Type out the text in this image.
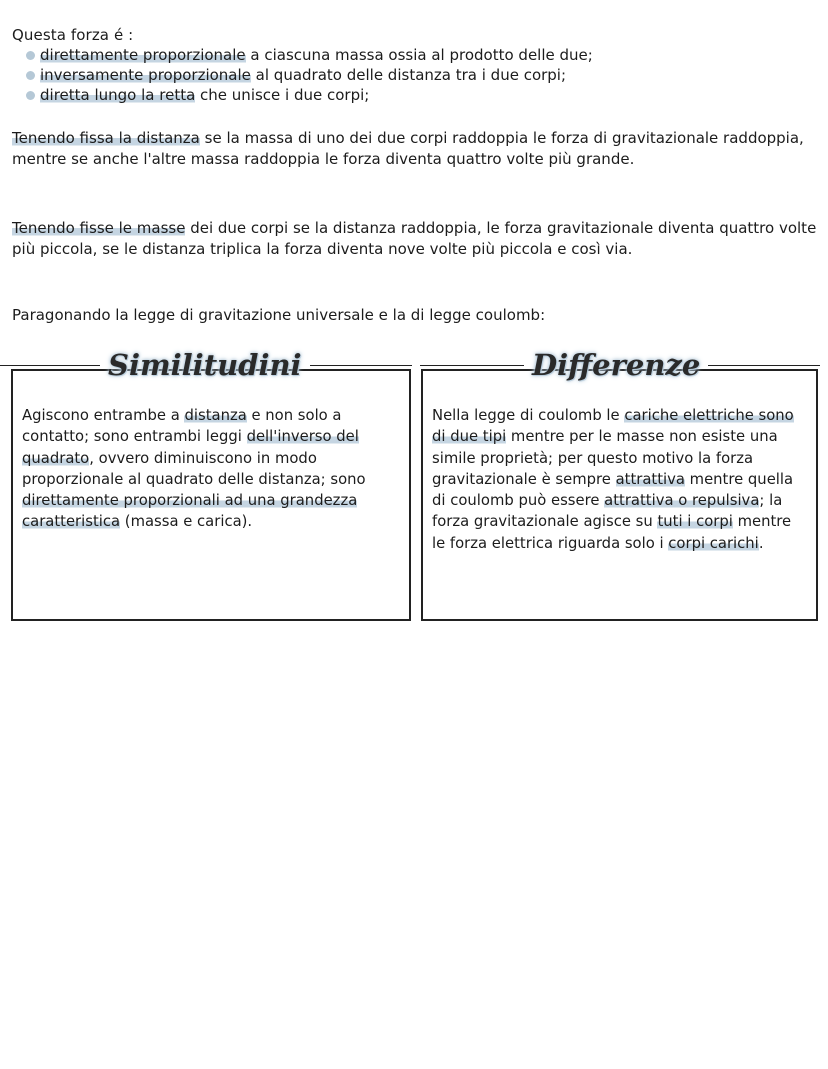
Questa forza é :
direttamente proporzionale a ciascuna massa ossia al prodotto delle due;
inversamente proporzionale al quadrato delle distanza tra i due corpi;
diretta lungo la retta che unisce i due corpi;

Tenendo fissa la distanza se la massa di uno dei due corpi raddoppia le forza di gravitazionale raddoppia, mentre se anche l'altre massa raddoppia le forza diventa quattro volte più grande.

Tenendo fisse le masse dei due corpi se la distanza raddoppia, le forza gravitazionale diventa quattro volte più piccola, se le distanza triplica la forza diventa nove volte più piccola e così via.

Paragonando la legge di gravitazione universale e la di legge coulomb:

Agiscono entrambe a distanza e non solo a contatto; sono entrambi leggi dell'inverso del quadrato, ovvero diminuiscono in modo proporzionale al quadrato delle distanza; sono direttamente proporzionali ad una grandezza caratteristica (massa e carica).

Nella legge di coulomb le cariche elettriche sono di due tipi mentre per le masse non esiste una simile proprietà; per questo motivo la forza gravitazionale è sempre attrattiva mentre quella di coulomb può essere attrattiva o repulsiva; la forza gravitazionale agisce su tuti i corpi mentre le forza elettrica riguarda solo i corpi carichi.

Similitudini	Differenze
